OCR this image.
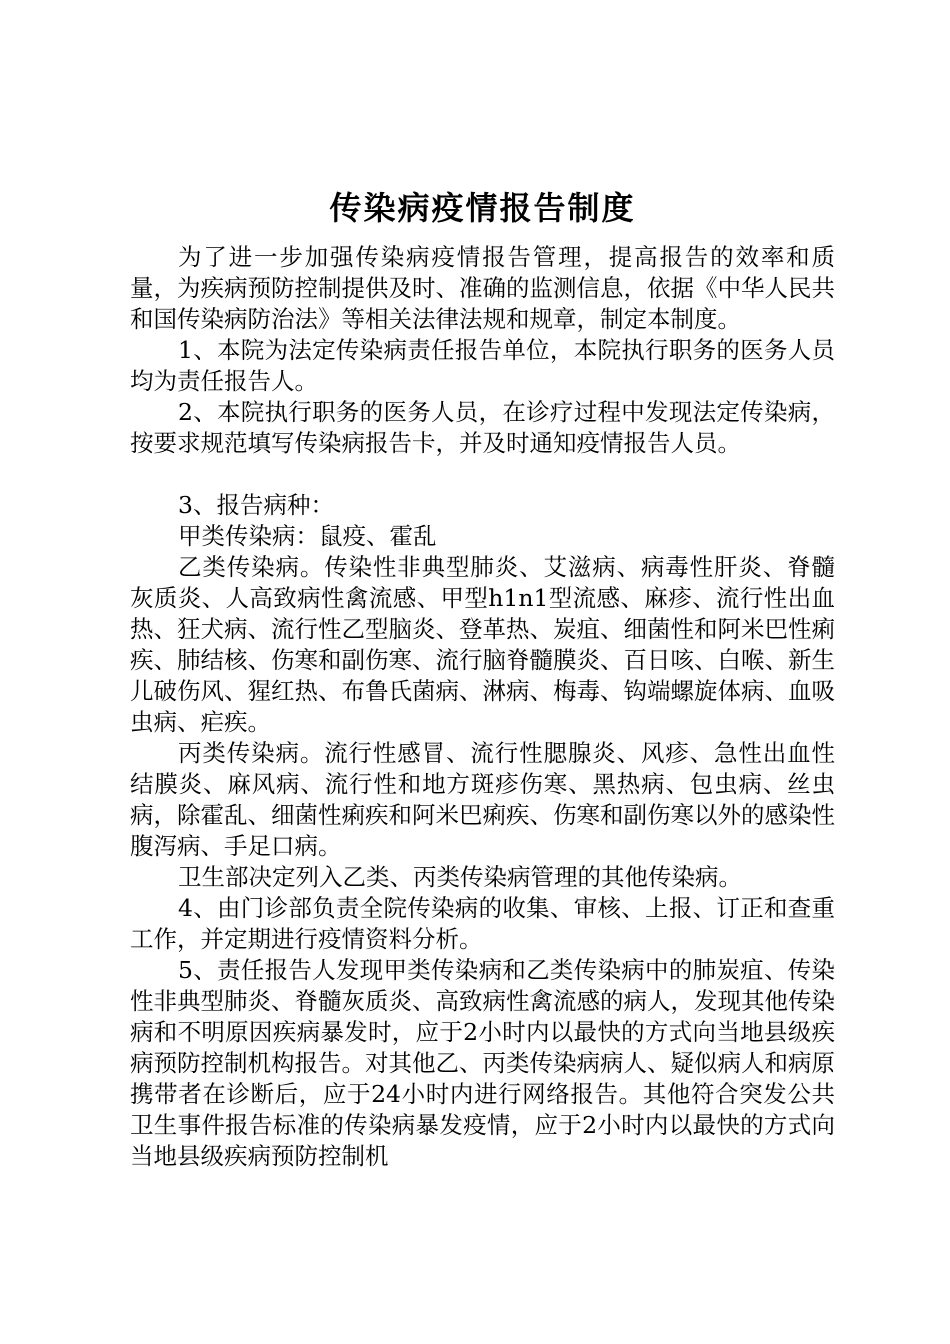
传染病疫情报告制度

为了进一步加强传染病疫情报告管理，提高报告的效率和质量，为疾病预防控制提供及时、准确的监测信息，依据《中华人民共和国传染病防治法》等相关法律法规和规章，制定本制度。

1、本院为法定传染病责任报告单位，本院执行职务的医务人员均为责任报告人。

2、本院执行职务的医务人员，在诊疗过程中发现法定传染病，按要求规范填写传染病报告卡，并及时通知疫情报告人员。

3、报告病种：

甲类传染病：鼠疫、霍乱

乙类传染病。传染性非典型肺炎、艾滋病、病毒性肝炎、脊髓灰质炎、人高致病性禽流感、甲型h1n1型流感、麻疹、流行性出血热、狂犬病、流行性乙型脑炎、登革热、炭疽、细菌性和阿米巴性痢疾、肺结核、伤寒和副伤寒、流行脑脊髓膜炎、百日咳、白喉、新生儿破伤风、猩红热、布鲁氏菌病、淋病、梅毒、钩端螺旋体病、血吸虫病、疟疾。

丙类传染病。流行性感冒、流行性腮腺炎、风疹、急性出血性结膜炎、麻风病、流行性和地方斑疹伤寒、黑热病、包虫病、丝虫病，除霍乱、细菌性痢疾和阿米巴痢疾、伤寒和副伤寒以外的感染性腹泻病、手足口病。

卫生部决定列入乙类、丙类传染病管理的其他传染病。

4、由门诊部负责全院传染病的收集、审核、上报、订正和查重工作，并定期进行疫情资料分析。

5、责任报告人发现甲类传染病和乙类传染病中的肺炭疽、传染性非典型肺炎、脊髓灰质炎、高致病性禽流感的病人，发现其他传染病和不明原因疾病暴发时，应于2小时内以最快的方式向当地县级疾病预防控制机构报告。对其他乙、丙类传染病病人、疑似病人和病原携带者在诊断后，应于24小时内进行网络报告。其他符合突发公共卫生事件报告标准的传染病暴发疫情，应于2小时内以最快的方式向当地县级疾病预防控制机
